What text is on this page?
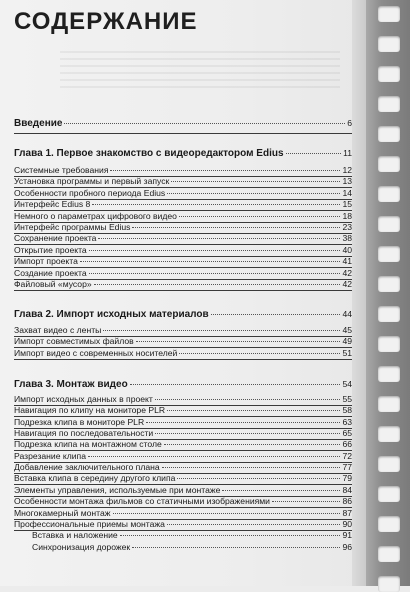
СОДЕРЖАНИЕ
Введение	6
Глава 1. Первое знакомство с видеоредактором Edius	11
Системные требования	12
Установка программы и первый запуск	13
Особенности пробного периода Edius	14
Интерфейс Edius 8	15
Немного о параметрах цифрового видео	18
Интерфейс программы Edius	23
Сохранение проекта	38
Открытие проекта	40
Импорт проекта	41
Создание проекта	42
Файловый «мусор»	42
Глава 2. Импорт исходных материалов	44
Захват видео с ленты	45
Импорт совместимых файлов	49
Импорт видео с современных носителей	51
Глава 3. Монтаж видео	54
Импорт исходных данных в проект	55
Навигация по клипу на мониторе PLR	58
Подрезка клипа в мониторе PLR	63
Навигация по последовательности	65
Подрезка клипа на монтажном столе	66
Разрезание клипа	72
Добавление заключительного плана	77
Вставка клипа в середину другого клипа	79
Элементы управления, используемые при монтаже	84
Особенности монтажа фильмов со статичными изображениями	86
Многокамерный монтаж	87
Профессиональные приемы монтажа	90
Вставка и наложение	91
Синхронизация дорожек	96
